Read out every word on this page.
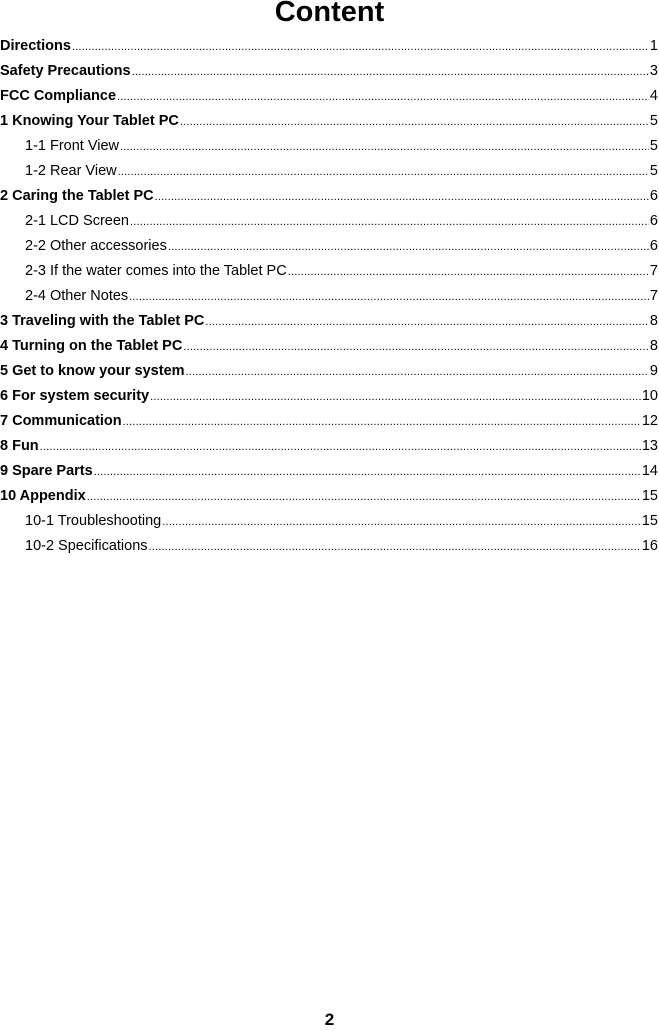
Content
Directions .....	1
Safety Precautions .....	3
FCC Compliance .....	4
1 Knowing Your Tablet PC .....	5
1-1 Front View .....	5
1-2 Rear View .....	5
2 Caring the Tablet PC .....	6
2-1 LCD Screen .....	6
2-2 Other accessories .....	6
2-3 If the water comes into the Tablet PC .....	7
2-4 Other Notes .....	7
3 Traveling with the Tablet PC .....	8
4 Turning on the Tablet PC .....	8
5 Get to know your system .....	9
6 For system security .....	10
7 Communication .....	12
8 Fun .....	13
9 Spare Parts .....	14
10 Appendix .....	15
10-1 Troubleshooting .....	15
10-2 Specifications .....	16
2
